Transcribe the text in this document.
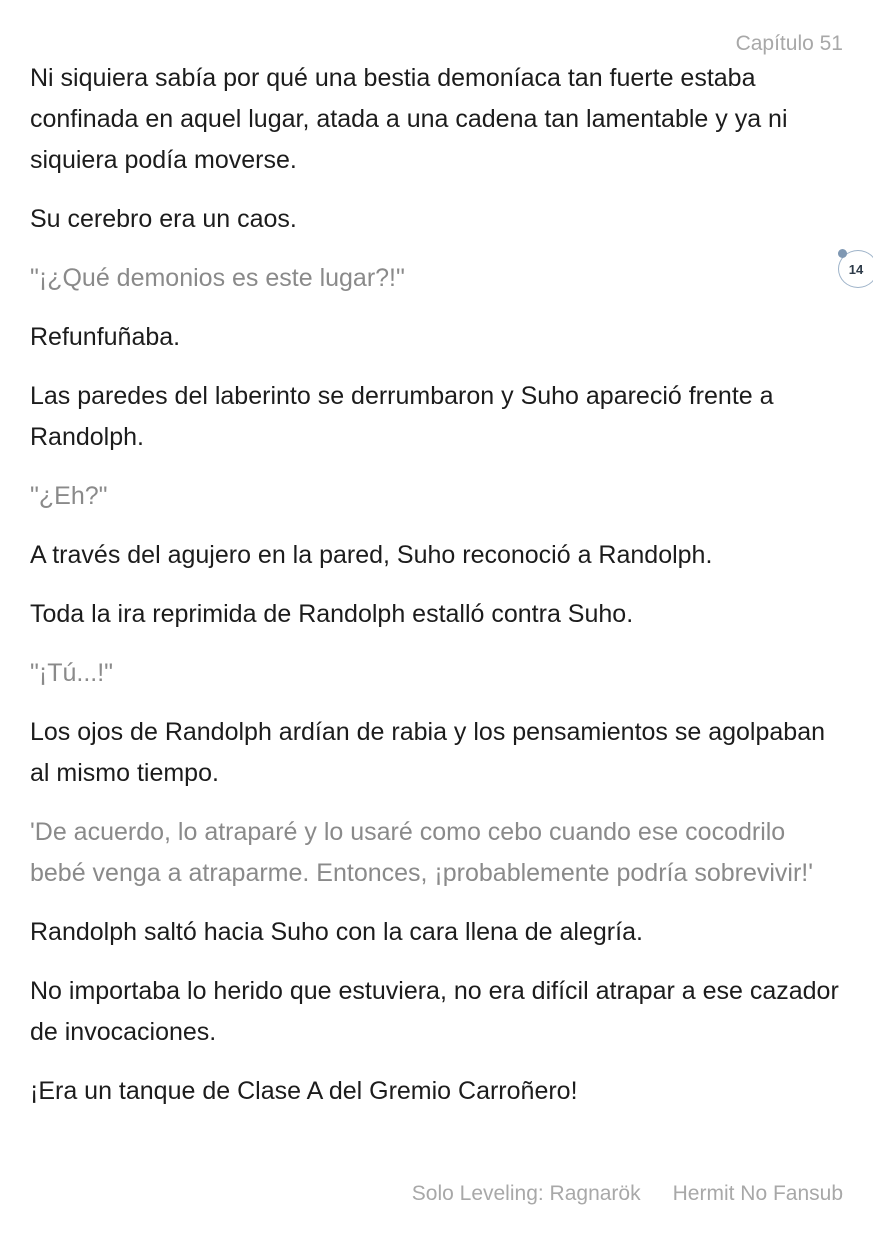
Capítulo 51

Ni siquiera sabía por qué una bestia demoníaca tan fuerte estaba confinada en aquel lugar, atada a una cadena tan lamentable y ya ni siquiera podía moverse.

Su cerebro era un caos.

"¡¿Qué demonios es este lugar?!"

Refunfuñaba.

Las paredes del laberinto se derrumbaron y Suho apareció frente a Randolph.

"¿Eh?"

A través del agujero en la pared, Suho reconoció a Randolph.

Toda la ira reprimida de Randolph estalló contra Suho.

"¡Tú...!"

Los ojos de Randolph ardían de rabia y los pensamientos se agolpaban al mismo tiempo.

'De acuerdo, lo atraparé y lo usaré como cebo cuando ese cocodrilo bebé venga a atraparme. Entonces, ¡probablemente podría sobrevivir!'

Randolph saltó hacia Suho con la cara llena de alegría.

No importaba lo herido que estuviera, no era difícil atrapar a ese cazador de invocaciones.

¡Era un tanque de Clase A del Gremio Carroñero!

14
Solo Leveling: Ragnarök Hermit No Fansub
